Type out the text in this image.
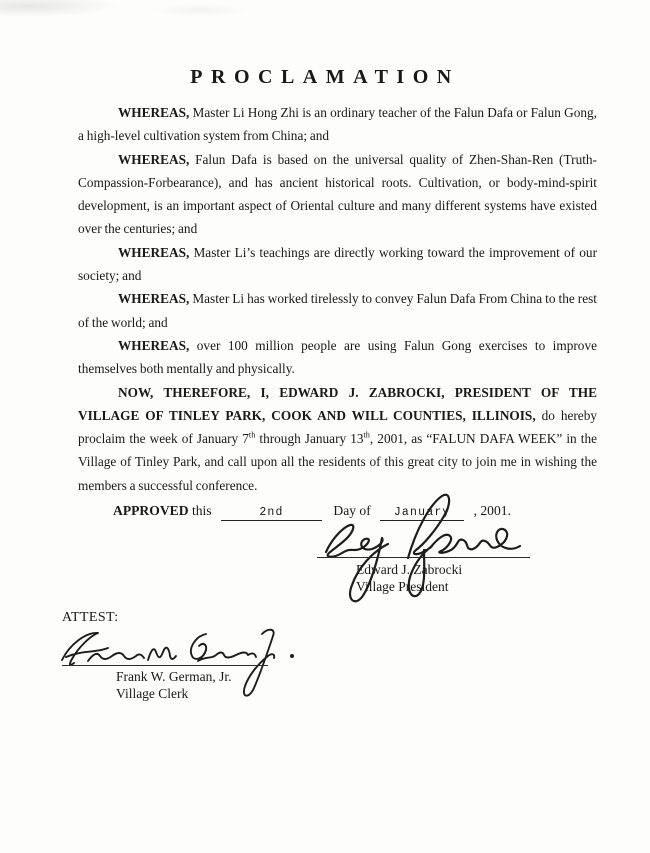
PROCLAMATION

WHEREAS, Master Li Hong Zhi is an ordinary teacher of the Falun Dafa or Falun Gong, a high-level cultivation system from China; and

WHEREAS, Falun Dafa is based on the universal quality of Zhen-Shan-Ren (Truth-Compassion-Forbearance), and has ancient historical roots. Cultivation, or body-mind-spirit development, is an important aspect of Oriental culture and many different systems have existed over the centuries; and

WHEREAS, Master Li’s teachings are directly working toward the improvement of our society; and

WHEREAS, Master Li has worked tirelessly to convey Falun Dafa From China to the rest of the world; and

WHEREAS, over 100 million people are using Falun Gong exercises to improve themselves both mentally and physically.

NOW, THEREFORE, I, EDWARD J. ZABROCKI, PRESIDENT OF THE VILLAGE OF TINLEY PARK, COOK AND WILL COUNTIES, ILLINOIS, do hereby proclaim the week of January 7th through January 13th, 2001, as “FALUN DAFA WEEK” in the Village of Tinley Park, and call upon all the residents of this great city to join me in wishing the members a successful conference.

APPROVED this	2nd	Day of January , 2001.
Edward J. Zabrocki
Village President
ATTEST:
Frank W. German, Jr.
Village Clerk
